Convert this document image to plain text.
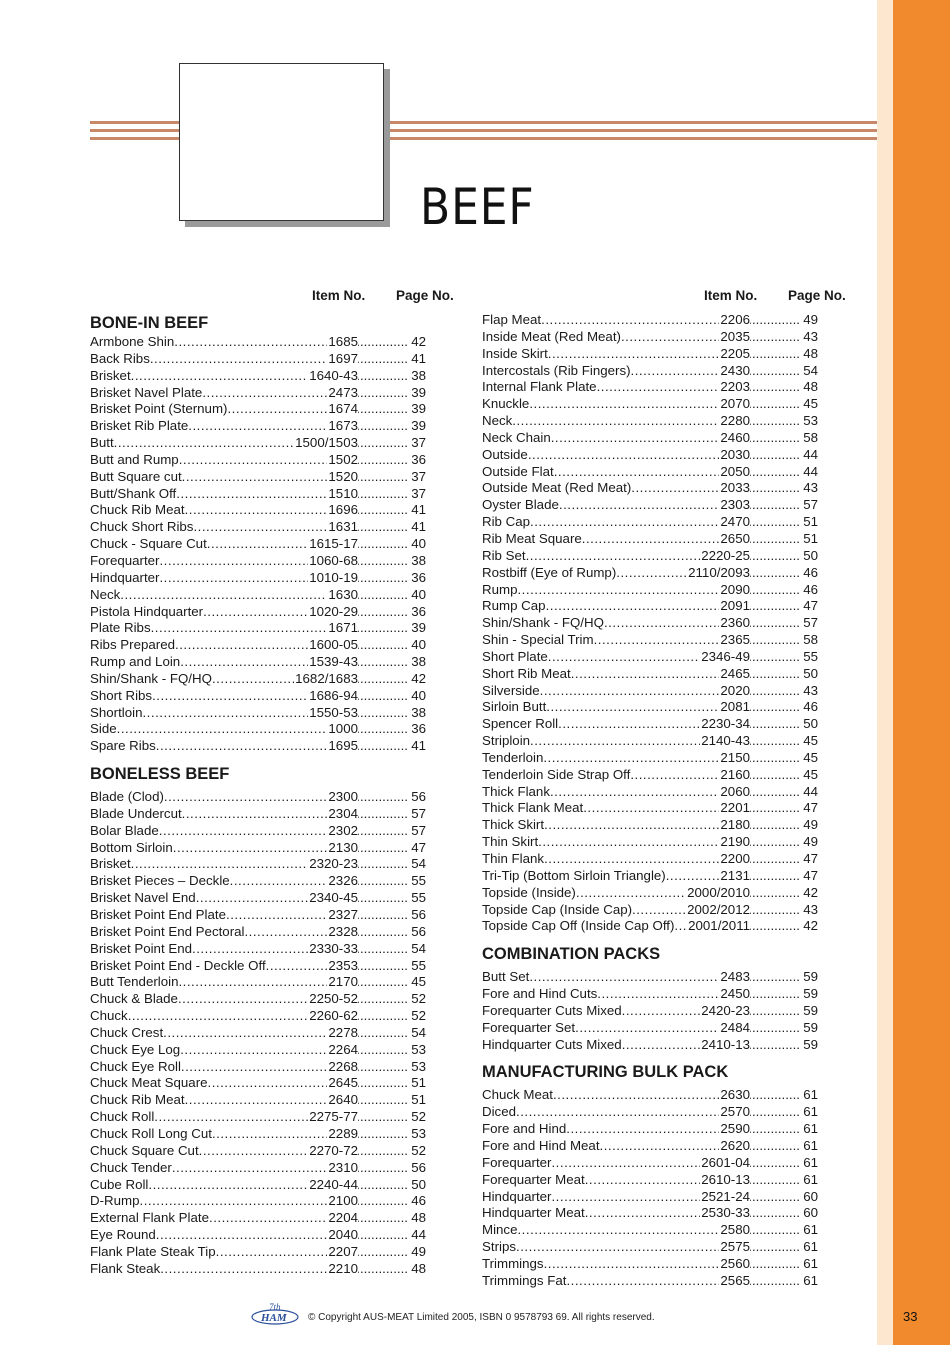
BEEF
Item No. Page No.
BONE-IN BEEF
Armbone Shin .....	1685 .....	42
Back Ribs .....	1697 .....	41
Brisket .....	1640-43 .....	38
Brisket Navel Plate .....	2473 .....	39
Brisket Point (Sternum) .....	1674 .....	39
Brisket Rib Plate .....	1673 .....	39
Butt .....	1500/1503 .....	37
Butt and Rump .....	1502 .....	36
Butt Square cut .....	1520 .....	37
Butt/Shank Off .....	1510 .....	37
Chuck Rib Meat .....	1696 .....	41
Chuck Short Ribs .....	1631 .....	41
Chuck - Square Cut .....	1615-17 .....	40
Forequarter .....	1060-68 .....	38
Hindquarter .....	1010-19 .....	36
Neck .....	1630 .....	40
Pistola Hindquarter .....	1020-29 .....	36
Plate Ribs .....	1671 .....	39
Ribs Prepared .....	1600-05 .....	40
Rump and Loin .....	1539-43 .....	38
Shin/Shank - FQ/HQ .....	1682/1683 .....	42
Short Ribs .....	1686-94 .....	40
Shortloin .....	1550-53 .....	38
Side .....	1000 .....	36
Spare Ribs .....	1695 .....	41
BONELESS BEEF
Blade (Clod) .....	2300 .....	56
Blade Undercut .....	2304 .....	57
Bolar Blade .....	2302 .....	57
Bottom Sirloin .....	2130 .....	47
Brisket .....	2320-23 .....	54
Brisket Pieces – Deckle .....	2326 .....	55
Brisket Navel End .....	2340-45 .....	55
Brisket Point End Plate .....	2327 .....	56
Brisket Point End Pectoral .....	2328 .....	56
Brisket Point End .....	2330-33 .....	54
Brisket Point End - Deckle Off .....	2353 .....	55
Butt Tenderloin .....	2170 .....	45
Chuck & Blade .....	2250-52 .....	52
Chuck .....	2260-62 .....	52
Chuck Crest .....	2278 .....	54
Chuck Eye Log .....	2264 .....	53
Chuck Eye Roll .....	2268 .....	53
Chuck Meat Square .....	2645 .....	51
Chuck Rib Meat .....	2640 .....	51
Chuck Roll .....	2275-77 .....	52
Chuck Roll Long Cut .....	2289 .....	53
Chuck Square Cut .....	2270-72 .....	52
Chuck Tender .....	2310 .....	56
Cube Roll .....	2240-44 .....	50
D-Rump .....	2100 .....	46
External Flank Plate .....	2204 .....	48
Eye Round .....	2040 .....	44
Flank Plate Steak Tip .....	2207 .....	49
Flank Steak .....	2210 .....	48
Item No. Page No.
Flap Meat .....	2206 .....	49
Inside Meat (Red Meat) .....	2035 .....	43
Inside Skirt .....	2205 .....	48
Intercostals (Rib Fingers) .....	2430 .....	54
Internal Flank Plate .....	2203 .....	48
Knuckle .....	2070 .....	45
Neck .....	2280 .....	53
Neck Chain .....	2460 .....	58
Outside .....	2030 .....	44
Outside Flat .....	2050 .....	44
Outside Meat (Red Meat) .....	2033 .....	43
Oyster Blade .....	2303 .....	57
Rib Cap .....	2470 .....	51
Rib Meat Square .....	2650 .....	51
Rib Set .....	2220-25 .....	50
Rostbiff (Eye of Rump) .....	2110/2093 .....	46
Rump .....	2090 .....	46
Rump Cap .....	2091 .....	47
Shin/Shank - FQ/HQ .....	2360 .....	57
Shin - Special Trim .....	2365 .....	58
Short Plate .....	2346-49 .....	55
Short Rib Meat .....	2465 .....	50
Silverside .....	2020 .....	43
Sirloin Butt .....	2081 .....	46
Spencer Roll .....	2230-34 .....	50
Striploin .....	2140-43 .....	45
Tenderloin .....	2150 .....	45
Tenderloin Side Strap Off .....	2160 .....	45
Thick Flank .....	2060 .....	44
Thick Flank Meat .....	2201 .....	47
Thick Skirt .....	2180 .....	49
Thin Skirt .....	2190 .....	49
Thin Flank .....	2200 .....	47
Tri-Tip (Bottom Sirloin Triangle) .....	2131 .....	47
Topside (Inside) .....	2000/2010 .....	42
Topside Cap (Inside Cap) .....	2002/2012 .....	43
Topside Cap Off (Inside Cap Off) ..... 2001/2011 .....	42
COMBINATION PACKS
Butt Set .....	2483 .....	59
Fore and Hind Cuts .....	2450 .....	59
Forequarter Cuts Mixed .....	2420-23 .....	59
Forequarter Set .....	2484 .....	59
Hindquarter Cuts Mixed .....	2410-13 .....	59
MANUFACTURING BULK PACK
Chuck Meat .....	2630 .....	61
Diced .....	2570 .....	61
Fore and Hind .....	2590 .....	61
Fore and Hind Meat .....	2620 .....	61
Forequarter .....	2601-04 .....	61
Forequarter Meat .....	2610-13 .....	61
Hindquarter .....	2521-24 .....	60
Hindquarter Meat .....	2530-33 .....	60
Mince .....	2580 .....	61
Strips .....	2575 .....	61
Trimmings .....	2560 .....	61
Trimmings Fat .....	2565 .....	61
7th
HAM © Copyright AUS-MEAT Limited 2005, ISBN 0 9578793 69. All rights reserved.	33
